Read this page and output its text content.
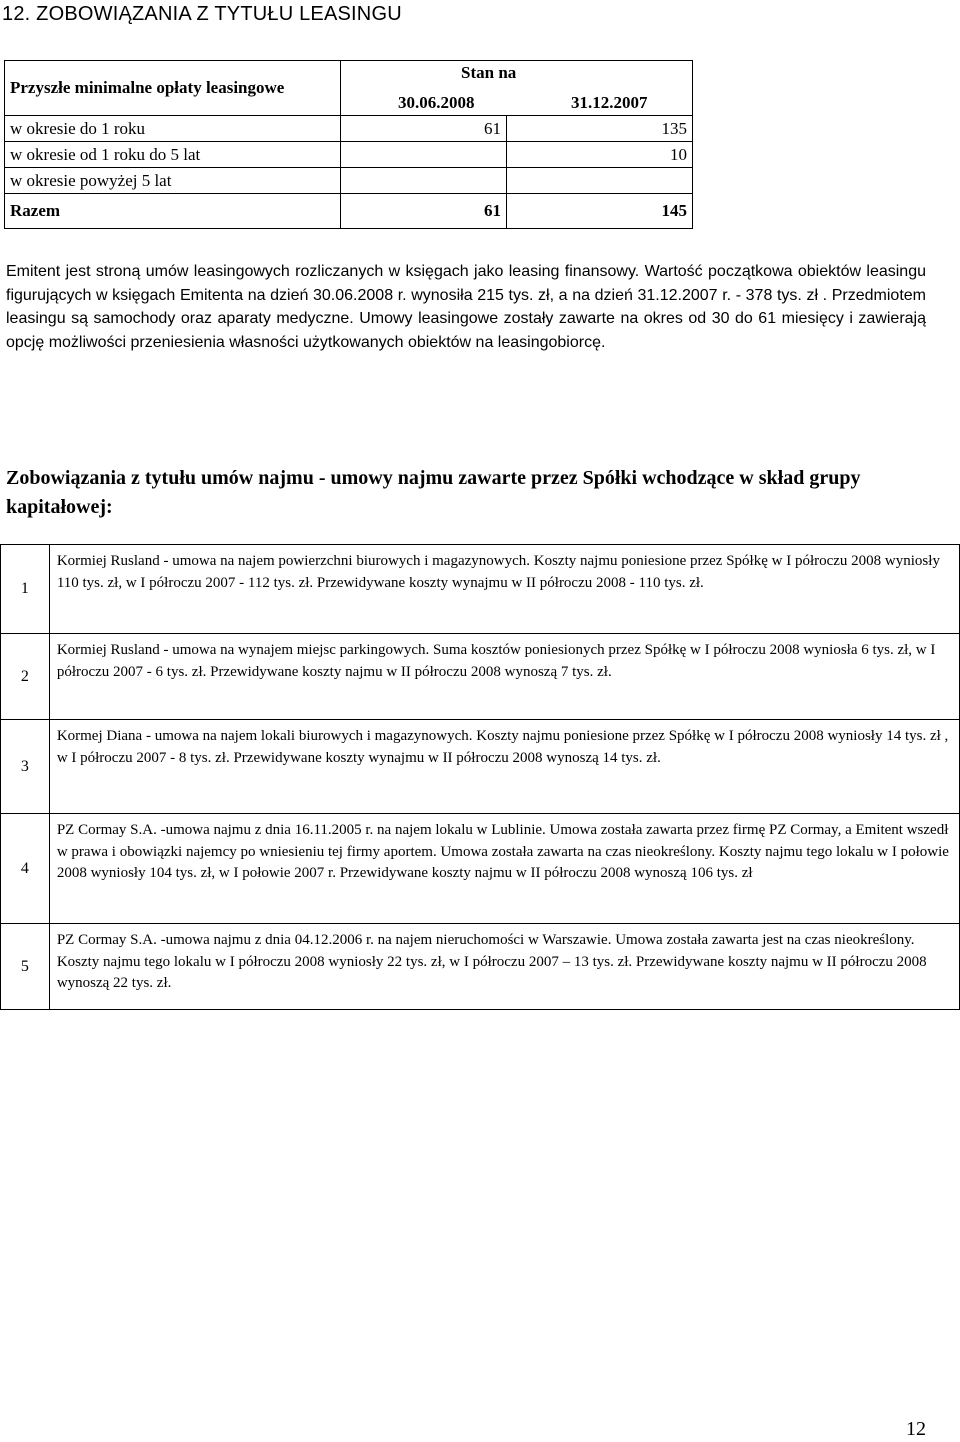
12. ZOBOWIĄZANIA Z TYTUŁU LEASINGU
Przyszłe minimalne opłaty leasingowe	Stan na
30.06.2008 31.12.2007	

w okresie do 1 roku	61	135
w okresie od 1 roku do 5 lat		10
w okresie powyżej 5 lat		
Razem	61	145
Emitent jest stroną umów leasingowych rozliczanych w księgach jako leasing finansowy. Wartość początkowa obiektów leasingu figurujących w księgach Emitenta na dzień 30.06.2008 r. wynosiła 215 tys. zł, a na dzień 31.12.2007 r. - 378 tys. zł . Przedmiotem leasingu są samochody oraz aparaty medyczne. Umowy leasingowe zostały zawarte na okres od 30 do 61 miesięcy i zawierają opcję możliwości przeniesienia własności użytkowanych obiektów na leasingobiorcę.
Zobowiązania z tytułu umów najmu - umowy najmu zawarte przez Spółki wchodzące w skład grupy kapitałowej:
1	Kormiej Rusland - umowa na najem powierzchni biurowych i magazynowych. Koszty najmu poniesione przez Spółkę w I półroczu 2008 wyniosły 110 tys. zł, w I półroczu 2007 - 112 tys. zł. Przewidywane koszty wynajmu w II półroczu 2008 - 110 tys. zł.
2	Kormiej Rusland - umowa na wynajem miejsc parkingowych. Suma kosztów poniesionych przez Spółkę w I półroczu 2008 wyniosła 6 tys. zł, w I półroczu 2007 - 6 tys. zł. Przewidywane koszty najmu w II półroczu 2008 wynoszą 7 tys. zł.
3	Kormej Diana - umowa na najem lokali biurowych i magazynowych. Koszty najmu poniesione przez Spółkę w I półroczu 2008 wyniosły 14 tys. zł , w I półroczu 2007 - 8 tys. zł. Przewidywane koszty wynajmu w II półroczu 2008 wynoszą 14 tys. zł.
4	PZ Cormay S.A. -umowa najmu z dnia 16.11.2005 r. na najem lokalu w Lublinie. Umowa została zawarta przez firmę PZ Cormay, a Emitent wszedł w prawa i obowiązki najemcy po wniesieniu tej firmy aportem. Umowa została zawarta na czas nieokreślony. Koszty najmu tego lokalu w I połowie 2008 wyniosły 104 tys. zł, w I połowie 2007 r. Przewidywane koszty najmu w II półroczu 2008 wynoszą 106 tys. zł
5	PZ Cormay S.A. -umowa najmu z dnia 04.12.2006 r. na najem nieruchomości w Warszawie. Umowa została zawarta jest na czas nieokreślony. Koszty najmu tego lokalu w I półroczu 2008 wyniosły 22 tys. zł, w I półroczu 2007 – 13 tys. zł. Przewidywane koszty najmu w II półroczu 2008 wynoszą 22 tys. zł.
12
